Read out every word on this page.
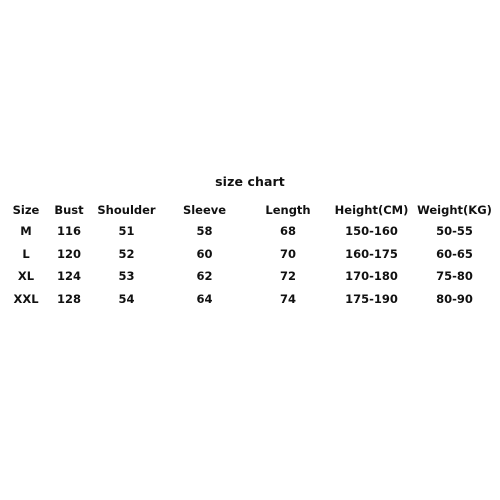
size chart
Size	Bust	Shoulder	Sleeve	Length	Height(CM)	Weight(KG)
M	116	51	58	68	150-160	50-55
L	120	52	60	70	160-175	60-65
XL	124	53	62	72	170-180	75-80
XXL	128	54	64	74	175-190	80-90
